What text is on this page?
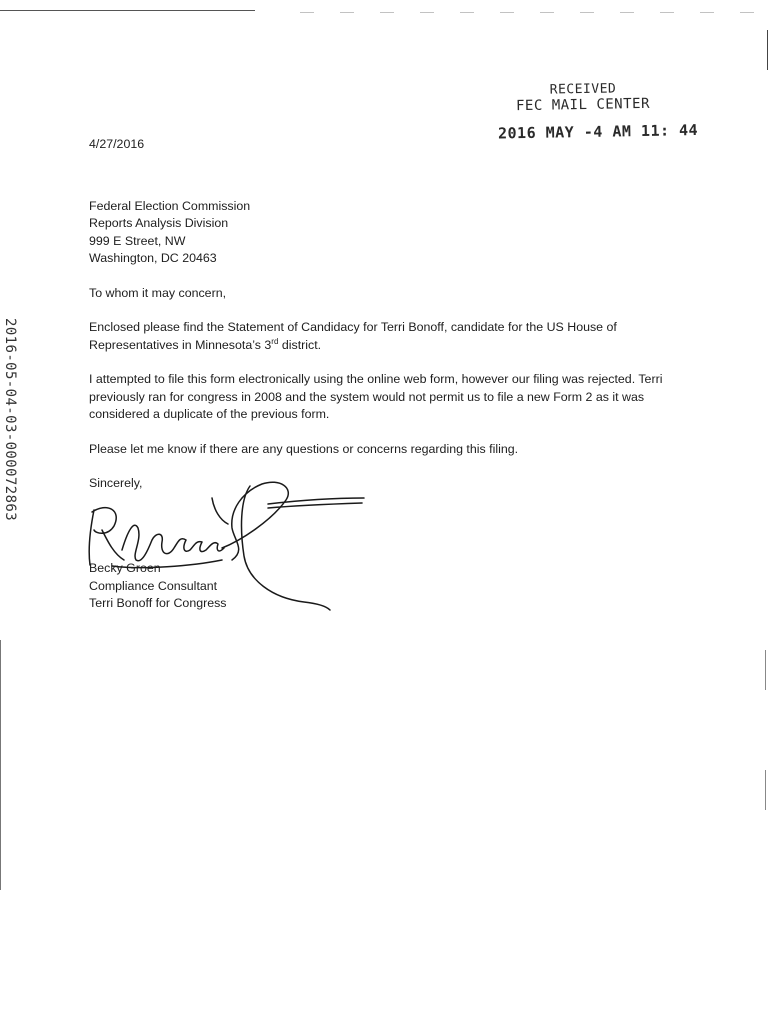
RECEIVED
FEC MAIL CENTER
2016 MAY -4 AM 11: 44
2016-05-04-03-000072863
4/27/2016
Federal Election Commission
Reports Analysis Division
999 E Street, NW
Washington, DC 20463
To whom it may concern,
Enclosed please find the Statement of Candidacy for Terri Bonoff, candidate for the US House of Representatives in Minnesota’s 3rd district.
I attempted to file this form electronically using the online web form, however our filing was rejected. Terri previously ran for congress in 2008 and the system would not permit us to file a new Form 2 as it was considered a duplicate of the previous form.
Please let me know if there are any questions or concerns regarding this filing.
Sincerely,
Becky Groen
Compliance Consultant
Terri Bonoff for Congress
